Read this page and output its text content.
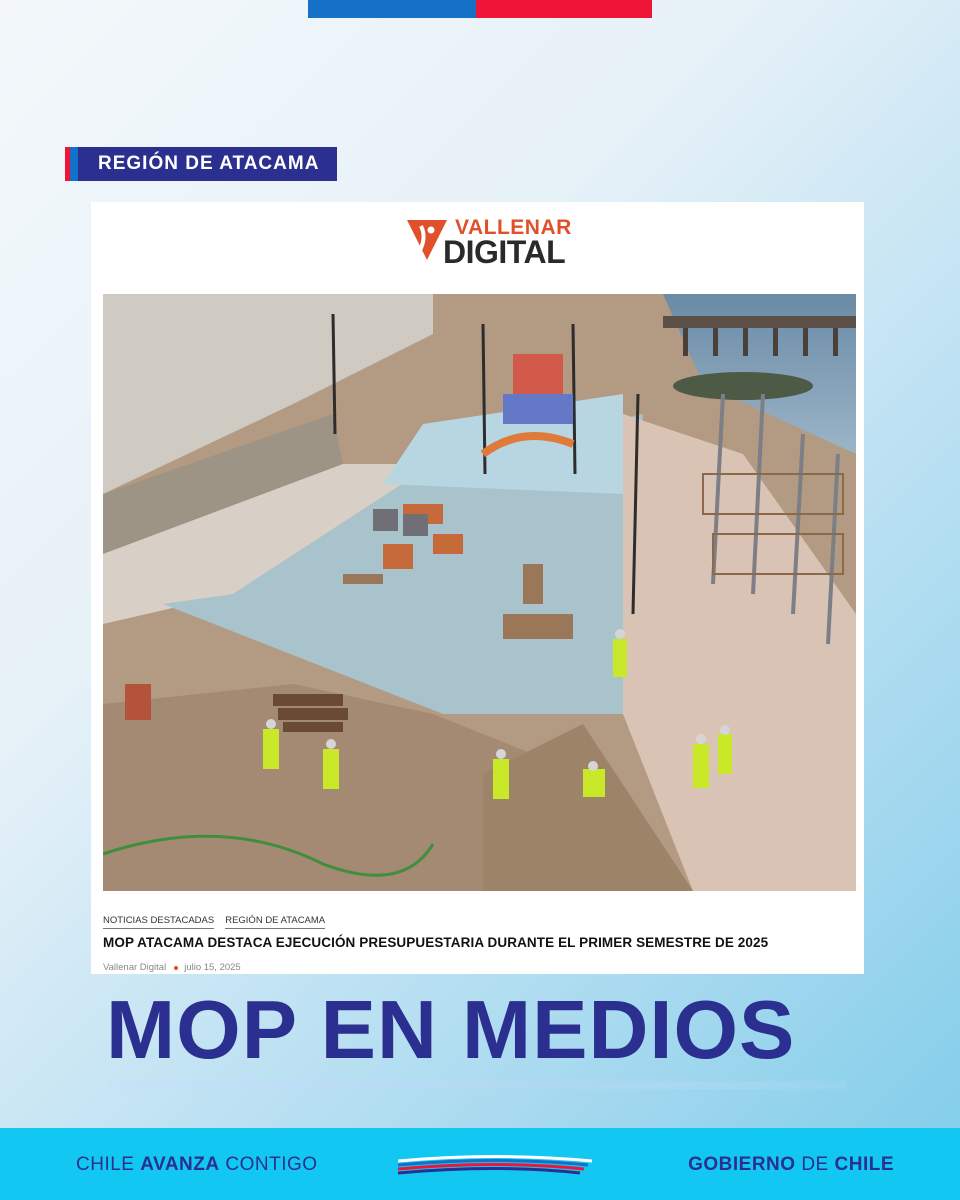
REGIÓN DE ATACAMA
VALLENAR
DIGITAL
NOTICIAS DESTACADAS REGIÓN DE ATACAMA
MOP ATACAMA DESTACA EJECUCIÓN PRESUPUESTARIA DURANTE EL PRIMER SEMESTRE DE 2025
Vallenar Digital julio 15, 2025
MOP EN MEDIOS
CHILE AVANZA CONTIGO	GOBIERNO DE CHILE
